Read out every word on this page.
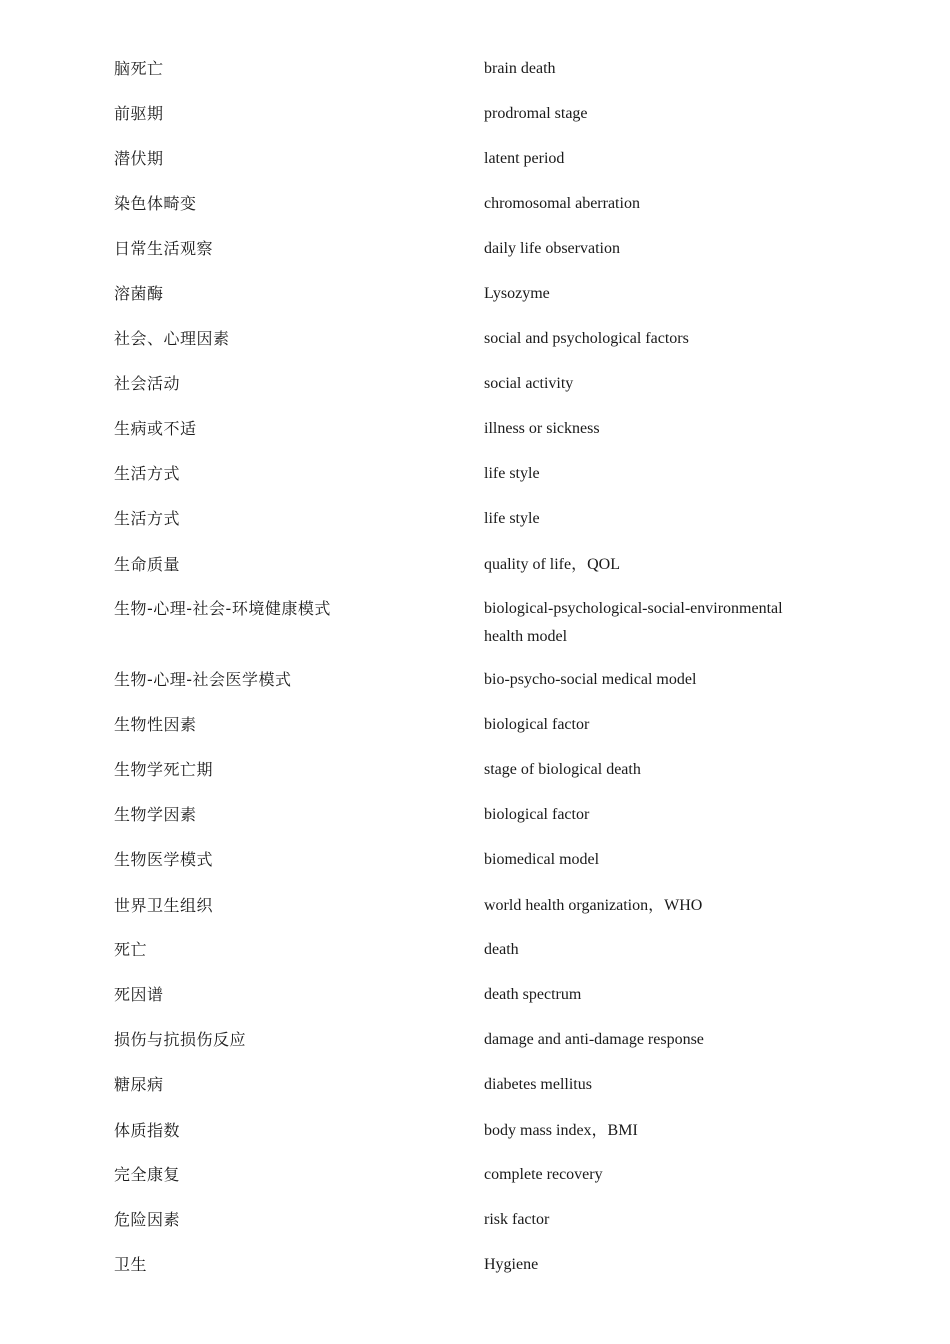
脑死亡	brain death
前驱期	prodromal stage
潜伏期	latent period
染色体畸变	chromosomal aberration
日常生活观察	daily life observation
溶菌酶	Lysozyme
社会、心理因素	social and psychological factors
社会活动	social activity
生病或不适	illness or sickness
生活方式	life style
生活方式	life style
生命质量	quality of life，QOL
生物-心理-社会-环境健康模式	biological-psychological-social-environmental health model
生物-心理-社会医学模式	bio-psycho-social medical model
生物性因素	biological factor
生物学死亡期	stage of biological death
生物学因素	biological factor
生物医学模式	biomedical model
世界卫生组织	world health organization，WHO
死亡	death
死因谱	death spectrum
损伤与抗损伤反应	damage and anti-damage response
糖尿病	diabetes mellitus
体质指数	body mass index，BMI
完全康复	complete recovery
危险因素	risk factor
卫生	Hygiene
